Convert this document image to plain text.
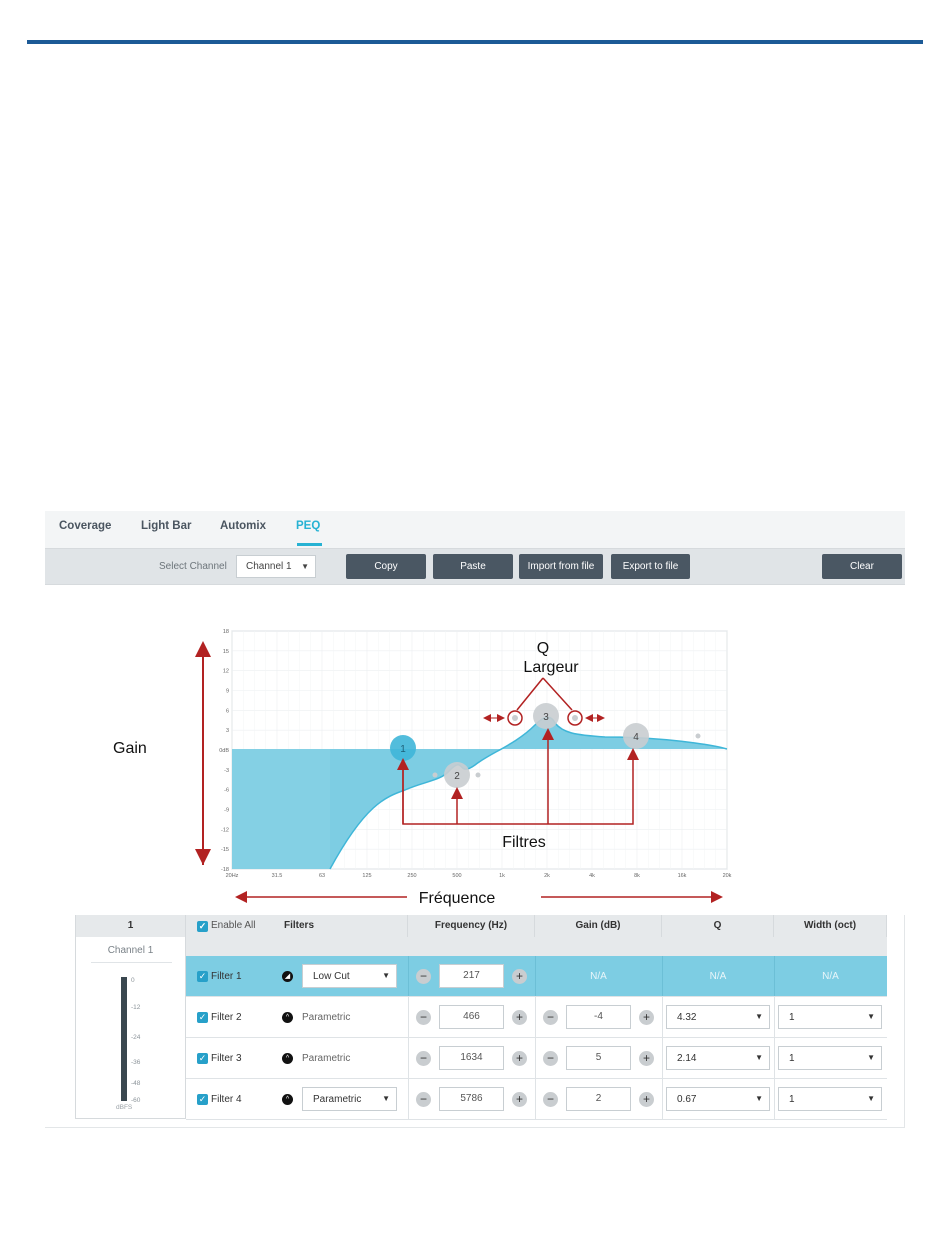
Coverage	Light Bar Automix	PEQ
Select Channel	Channel 1 ▼	Copy	Paste	Import from file	Export to file	Clear
18
15
12
9
6
3
0dB
-3
-6
-9
-12
-15
-18
20Hz	31.5	63	125	250	500	1k	2k	4k	8k	16k	20k
1
2
3
4
Gain
Q
Largeur
Filtres
Fréquence
1	✓ Enable All	Filters	Frequency (Hz)	Gain (dB)	Q	Width (oct)
Channel 1
0
-12
-24
-36
-48
-60
dBFS
✓ Filter 1	◢	Low Cut	▼	−	217	+	N/A	N/A	N/A
✓ Filter 2	^	Parametric	−	466	+	−	-4	+	4.32	▼	1	▼
✓ Filter 3	^	Parametric	−	1634	+	−	5	+	2.14	▼	1	▼
✓ Filter 4	^	Parametric	▼	−	5786	+	−	2	+	0.67	▼	1	▼
